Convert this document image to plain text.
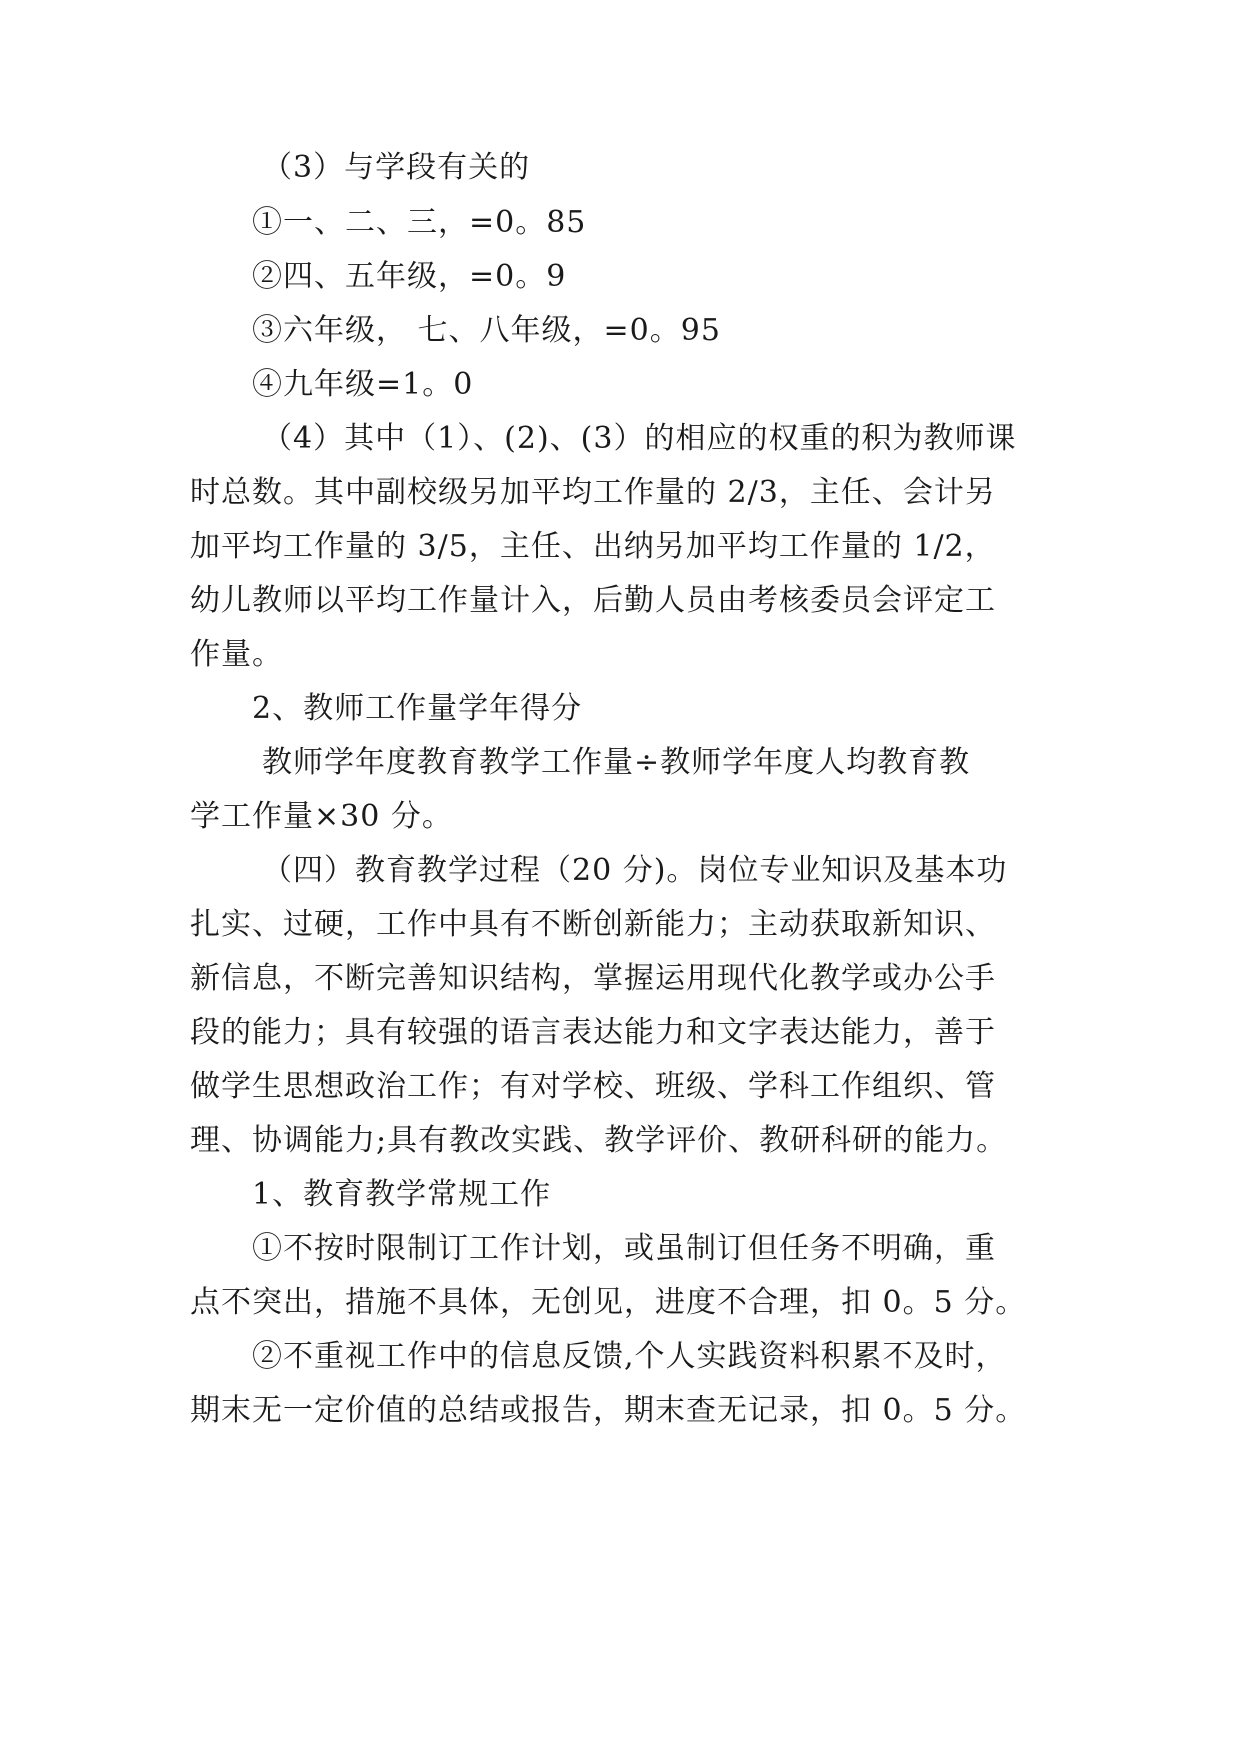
（3）与学段有关的
①一、二、三，=0。85
②四、五年级，=0。9
③六年级， 七、八年级，=0。95
④九年级=1。0
（4）其中（1）、(2)、(3）的相应的权重的积为教师课
时总数。其中副校级另加平均工作量的 2/3，主任、会计另
加平均工作量的 3/5，主任、出纳另加平均工作量的 1/2，
幼儿教师以平均工作量计入，后勤人员由考核委员会评定工
作量。
2、教师工作量学年得分
教师学年度教育教学工作量÷教师学年度人均教育教
学工作量×30 分。
（四）教育教学过程（20 分)。岗位专业知识及基本功
扎实、过硬，工作中具有不断创新能力；主动获取新知识、
新信息，不断完善知识结构，掌握运用现代化教学或办公手
段的能力；具有较强的语言表达能力和文字表达能力，善于
做学生思想政治工作；有对学校、班级、学科工作组织、管
理、协调能力;具有教改实践、教学评价、教研科研的能力。
1、教育教学常规工作
①不按时限制订工作计划，或虽制订但任务不明确，重
点不突出，措施不具体，无创见，进度不合理，扣 0。5 分。
②不重视工作中的信息反馈,个人实践资料积累不及时，
期末无一定价值的总结或报告，期末查无记录，扣 0。5 分。
